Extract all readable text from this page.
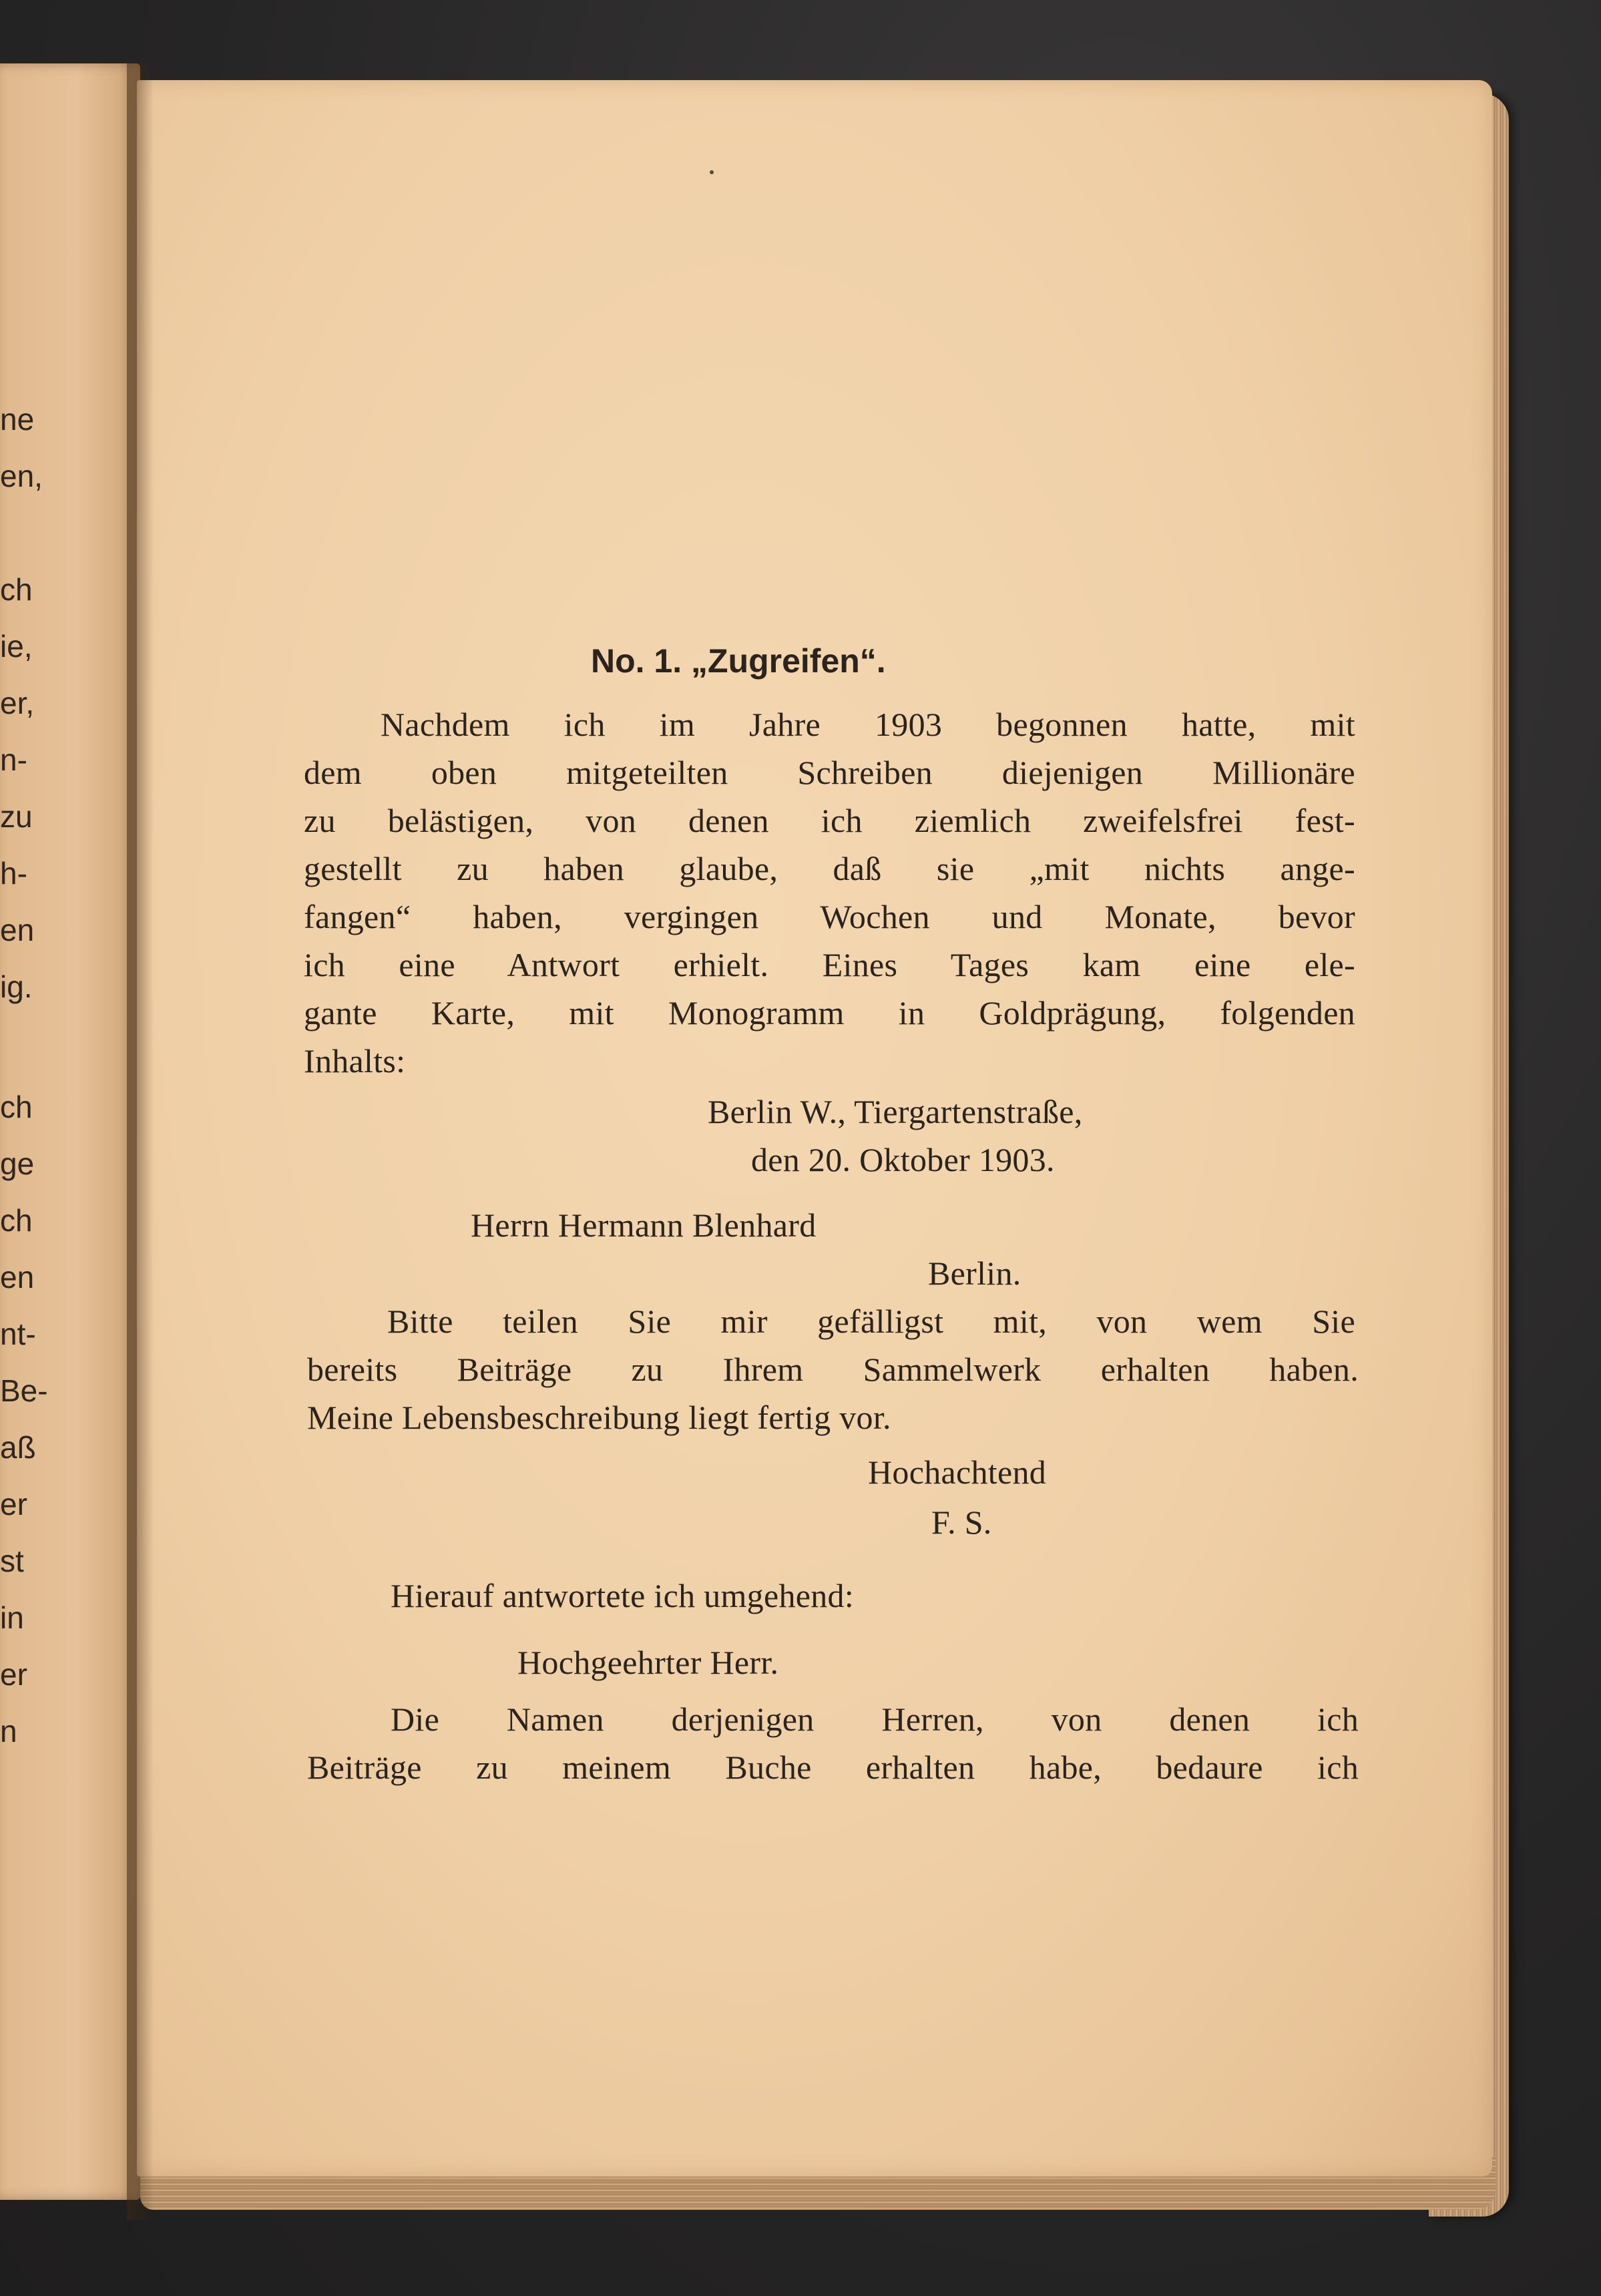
ne
en,
ch
ie,
er,
n-
zu
h-
en
ig.
ch
ge
ch
en
nt-
Be-
aß
er
st
in
er
n
No. 1. „Zugreifen“.
Nachdem ich im Jahre 1903 begonnen hatte, mit
dem oben mitgeteilten Schreiben diejenigen Millionäre
zu belästigen, von denen ich ziemlich zweifelsfrei fest-
gestellt zu haben glaube, daß sie „mit nichts ange-
fangen“ haben, vergingen Wochen und Monate, bevor
ich eine Antwort erhielt. Eines Tages kam eine ele-
gante Karte, mit Monogramm in Goldprägung, folgenden
Inhalts:
Berlin W., Tiergartenstraße,
den 20. Oktober 1903.
Herrn Hermann Blenhard
Berlin.
Bitte teilen Sie mir gefälligst mit, von wem Sie
bereits Beiträge zu Ihrem Sammelwerk erhalten haben.
Meine Lebensbeschreibung liegt fertig vor.
Hochachtend
F. S.
Hierauf antwortete ich umgehend:
Hochgeehrter Herr.
Die Namen derjenigen Herren, von denen ich
Beiträge zu meinem Buche erhalten habe, bedaure ich
